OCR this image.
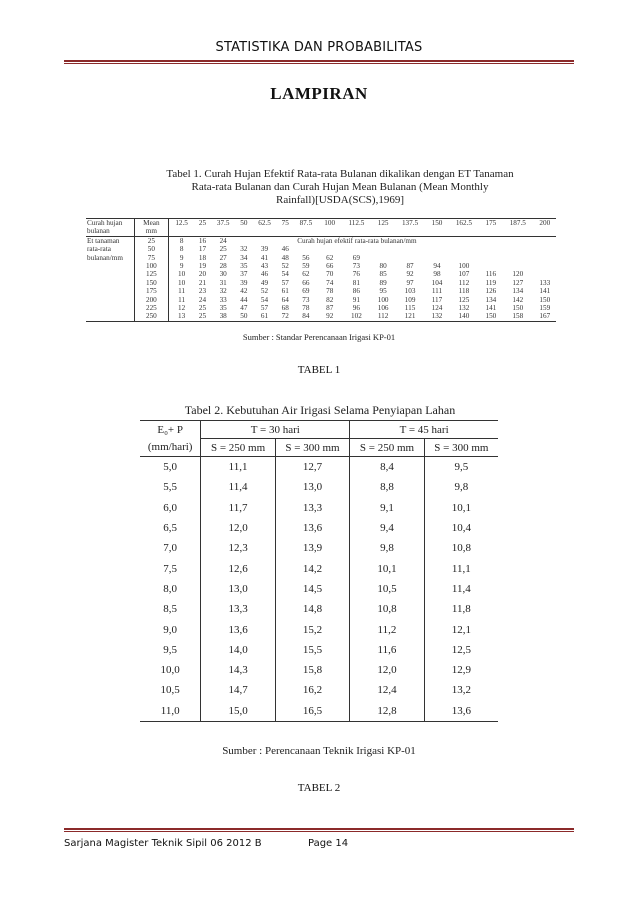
STATISTIKA DAN PROBABILITAS
LAMPIRAN
Tabel 1. Curah Hujan Efektif Rata-rata Bulanan dikalikan dengan ET Tanaman
Rata-rata Bulanan dan Curah Hujan Mean Bulanan (Mean Monthly
Rainfall)[USDA(SCS),1969]
Curah hujan	Mean	12.5	25	37.5	50	62.5	75	87.5	100	112.5	125	137.5	150	162.5	175	187.5	200
bulanan	mm																
Et tanaman	25	8	16	24				Curah hujan efektif rata-rata bulanan/mm									
rata-rata	50	8	17	25	32	39	46										
bulanan/mm	75	9	18	27	34	41	48	56	62	69							
	100	9	19	28	35	43	52	59	66	73	80	87	94	100			
	125	10	20	30	37	46	54	62	70	76	85	92	98	107	116	120	
	150	10	21	31	39	49	57	66	74	81	89	97	104	112	119	127	133
	175	11	23	32	42	52	61	69	78	86	95	103	111	118	126	134	141
	200	11	24	33	44	54	64	73	82	91	100	109	117	125	134	142	150
	225	12	25	35	47	57	68	78	87	96	106	115	124	132	141	150	159
	250	13	25	38	50	61	72	84	92	102	112	121	132	140	150	158	167
Sumber : Standar Perencanaan Irigasi KP-01
TABEL 1
Tabel 2. Kebutuhan Air Irigasi Selama Penyiapan Lahan
E₀+ P	T = 30 hari		T = 45 hari	
(mm/hari)	S = 250 mm	S = 300 mm	S = 250 mm	S = 300 mm
5,0	11,1	12,7	8,4	9,5
5,5	11,4	13,0	8,8	9,8
6,0	11,7	13,3	9,1	10,1
6,5	12,0	13,6	9,4	10,4
7,0	12,3	13,9	9,8	10,8
7,5	12,6	14,2	10,1	11,1
8,0	13,0	14,5	10,5	11,4
8,5	13,3	14,8	10,8	11,8
9,0	13,6	15,2	11,2	12,1
9,5	14,0	15,5	11,6	12,5
10,0	14,3	15,8	12,0	12,9
10,5	14,7	16,2	12,4	13,2
11,0	15,0	16,5	12,8	13,6
Sumber : Perencanaan Teknik Irigasi KP-01
TABEL 2
Sarjana Magister Teknik Sipil 06 2012 B	Page 14
